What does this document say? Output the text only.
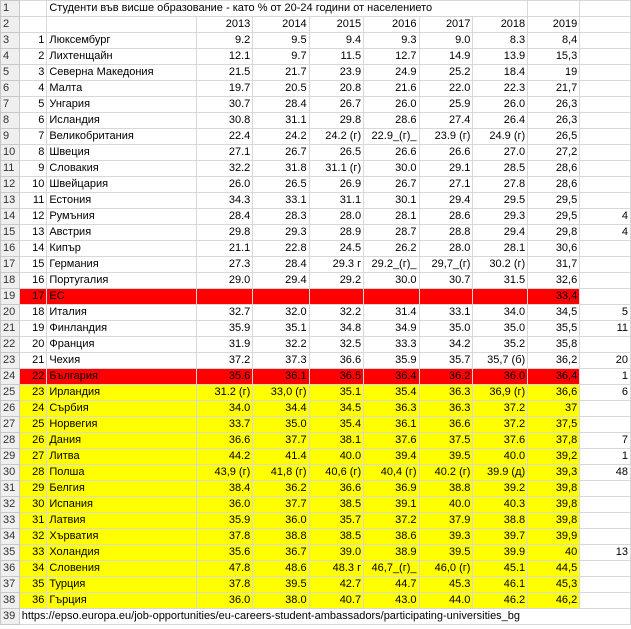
1		Студенти във висше образование - като % от 20-24 години от населението								
2			2013	2014	2015	2016	2017	2018	2019	
3	1	Люксембург	9.2	9.5	9.4	9.3	9.0	8.3	8,4	
4	2	Лихтенщайн	12.1	9.7	11.5	12.7	14.9	13.9	15,3	
5	3	Северна Македония	21.5	21.7	23.9	24.9	25.2	18.4	19	
6	4	Малта	19.7	20.5	20.8	21.6	22.0	22.3	21,7	
7	5	Унгария	30.7	28.4	26.7	26.0	25.9	26.0	26,3	
8	6	Исландия	30.8	31.1	29.8	28.6	27.4	26.4	26,3	
9	7	Великобритания	22.4	24.2	24.2 (г)	22.9_(г)_	23.9 (г)	24.9 (г)	26,5	
10	8	Швеция	27.1	26.7	26.5	26.6	26.6	27.0	27,2	
11	9	Словакия	32.2	31.8	31.1 (г)	30.0	29.1	28.5	28,6	
12	10	Швейцария	26.0	26.5	26.9	26.7	27.1	27.8	28,6	
13	11	Естония	34.3	33.1	31.1	30.1	29.4	29.5	29,5	
14	12	Румъния	28.4	28.3	28.0	28.1	28.6	29.3	29,5	4
15	13	Австрия	29.8	29.3	28.9	28.7	28.8	29.4	29,8	4
16	14	Кипър	21.1	22.8	24.5	26.2	28.0	28.1	30,6	
17	15	Германия	27.3	28.4	29.3 г	29.2_(г)_	29,7_(г)	30.2 (г)	31,7	
18	16	Португалия	29.0	29.4	29.2	30.0	30.7	31.5	32,6	
19	17	ЕС							33,4	
20	18	Италия	32.7	32.0	32.2	31.4	33.1	34.0	34,5	5
21	19	Финландия	35.9	35.1	34.8	34.9	35.0	35.0	35,5	11
22	20	Франция	31.9	32.2	32.5	33.3	34.2	35.2	35,8	
23	21	Чехия	37.2	37.3	36.6	35.9	35.7	35,7 (б)	36,2	20
24	22	България	35.6	36.1	36.5	36.4	36.2	36.0	36,4	1
25	23	Ирландия	31.2 (г)	33,0 (г)	35.1	35.4	36.3	36,9 (г)	36,6	6
26	24	Сърбия	34.0	34.4	34.5	36.3	36.3	37.2	37	
27	25	Норвегия	33.7	35.0	35.4	36.1	36.6	37.2	37,5	
28	26	Дания	36.6	37.7	38.1	37.6	37.5	37.6	37,8	7
29	27	Литва	44.2	41.4	40.0	39.4	39.5	40.0	39,2	1
30	28	Полша	43,9 (г)	41,8 (г)	40,6 (г)	40,4 (г)	40.2 (г)	39.9 (д)	39,3	48
31	29	Белгия	38.4	36.2	36.6	36.9	38.8	39.2	39,8	
32	30	Испания	36.0	37.7	38.5	39.1	40.0	40.3	39,8	
33	31	Латвия	35.9	36.0	35.7	37.2	37.9	38.8	39,8	
34	32	Хърватия	37.8	38.8	38.5	38.6	39.3	39.7	39,9	
35	33	Холандия	35.6	36.7	39.0	38.9	39.5	39.9	40	13
36	34	Словения	47.8	48.6	48.3 г	46,7_(г)_	46,0 (г)	45.1	44,5	
37	35	Турция	37.8	39.5	42.7	44.7	45.3	46.1	45,3	
38	36	Гърция	36.0	38.0	40.7	43.0	44.0	46.2	46,2	
39	https://epso.europa.eu/job-opportunities/eu-careers-student-ambassadors/participating-universities_bg									
